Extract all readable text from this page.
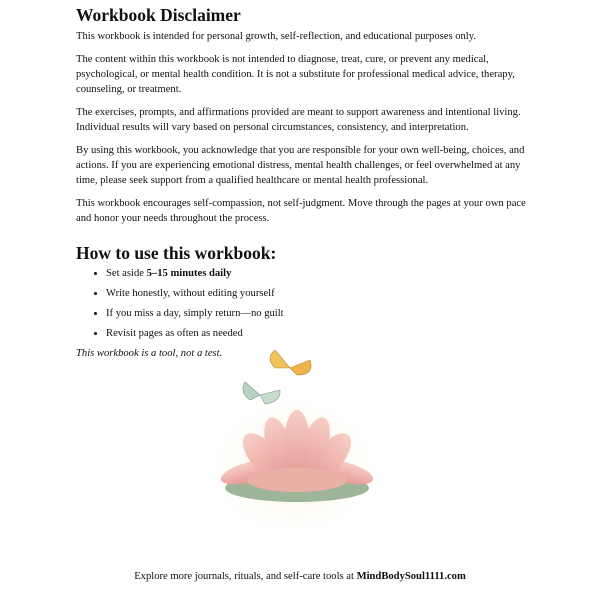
Workbook Disclaimer

This workbook is intended for personal growth, self-reflection, and educational purposes only.

The content within this workbook is not intended to diagnose, treat, cure, or prevent any medical, psychological, or mental health condition. It is not a substitute for professional medical advice, therapy, counseling, or treatment.

The exercises, prompts, and affirmations provided are meant to support awareness and intentional living. Individual results will vary based on personal circumstances, consistency, and interpretation.

By using this workbook, you acknowledge that you are responsible for your own well-being, choices, and actions. If you are experiencing emotional distress, mental health challenges, or feel overwhelmed at any time, please seek support from a qualified healthcare or mental health professional.

This workbook encourages self-compassion, not self-judgment. Move through the pages at your own pace and honor your needs throughout the process.

How to use this workbook:
• Set aside 5–15 minutes daily
• Write honestly, without editing yourself
• If you miss a day, simply return—no guilt
• Revisit pages as often as needed

This workbook is a tool, not a test.

Explore more journals, rituals, and self-care tools at MindBodySoul1111.com
